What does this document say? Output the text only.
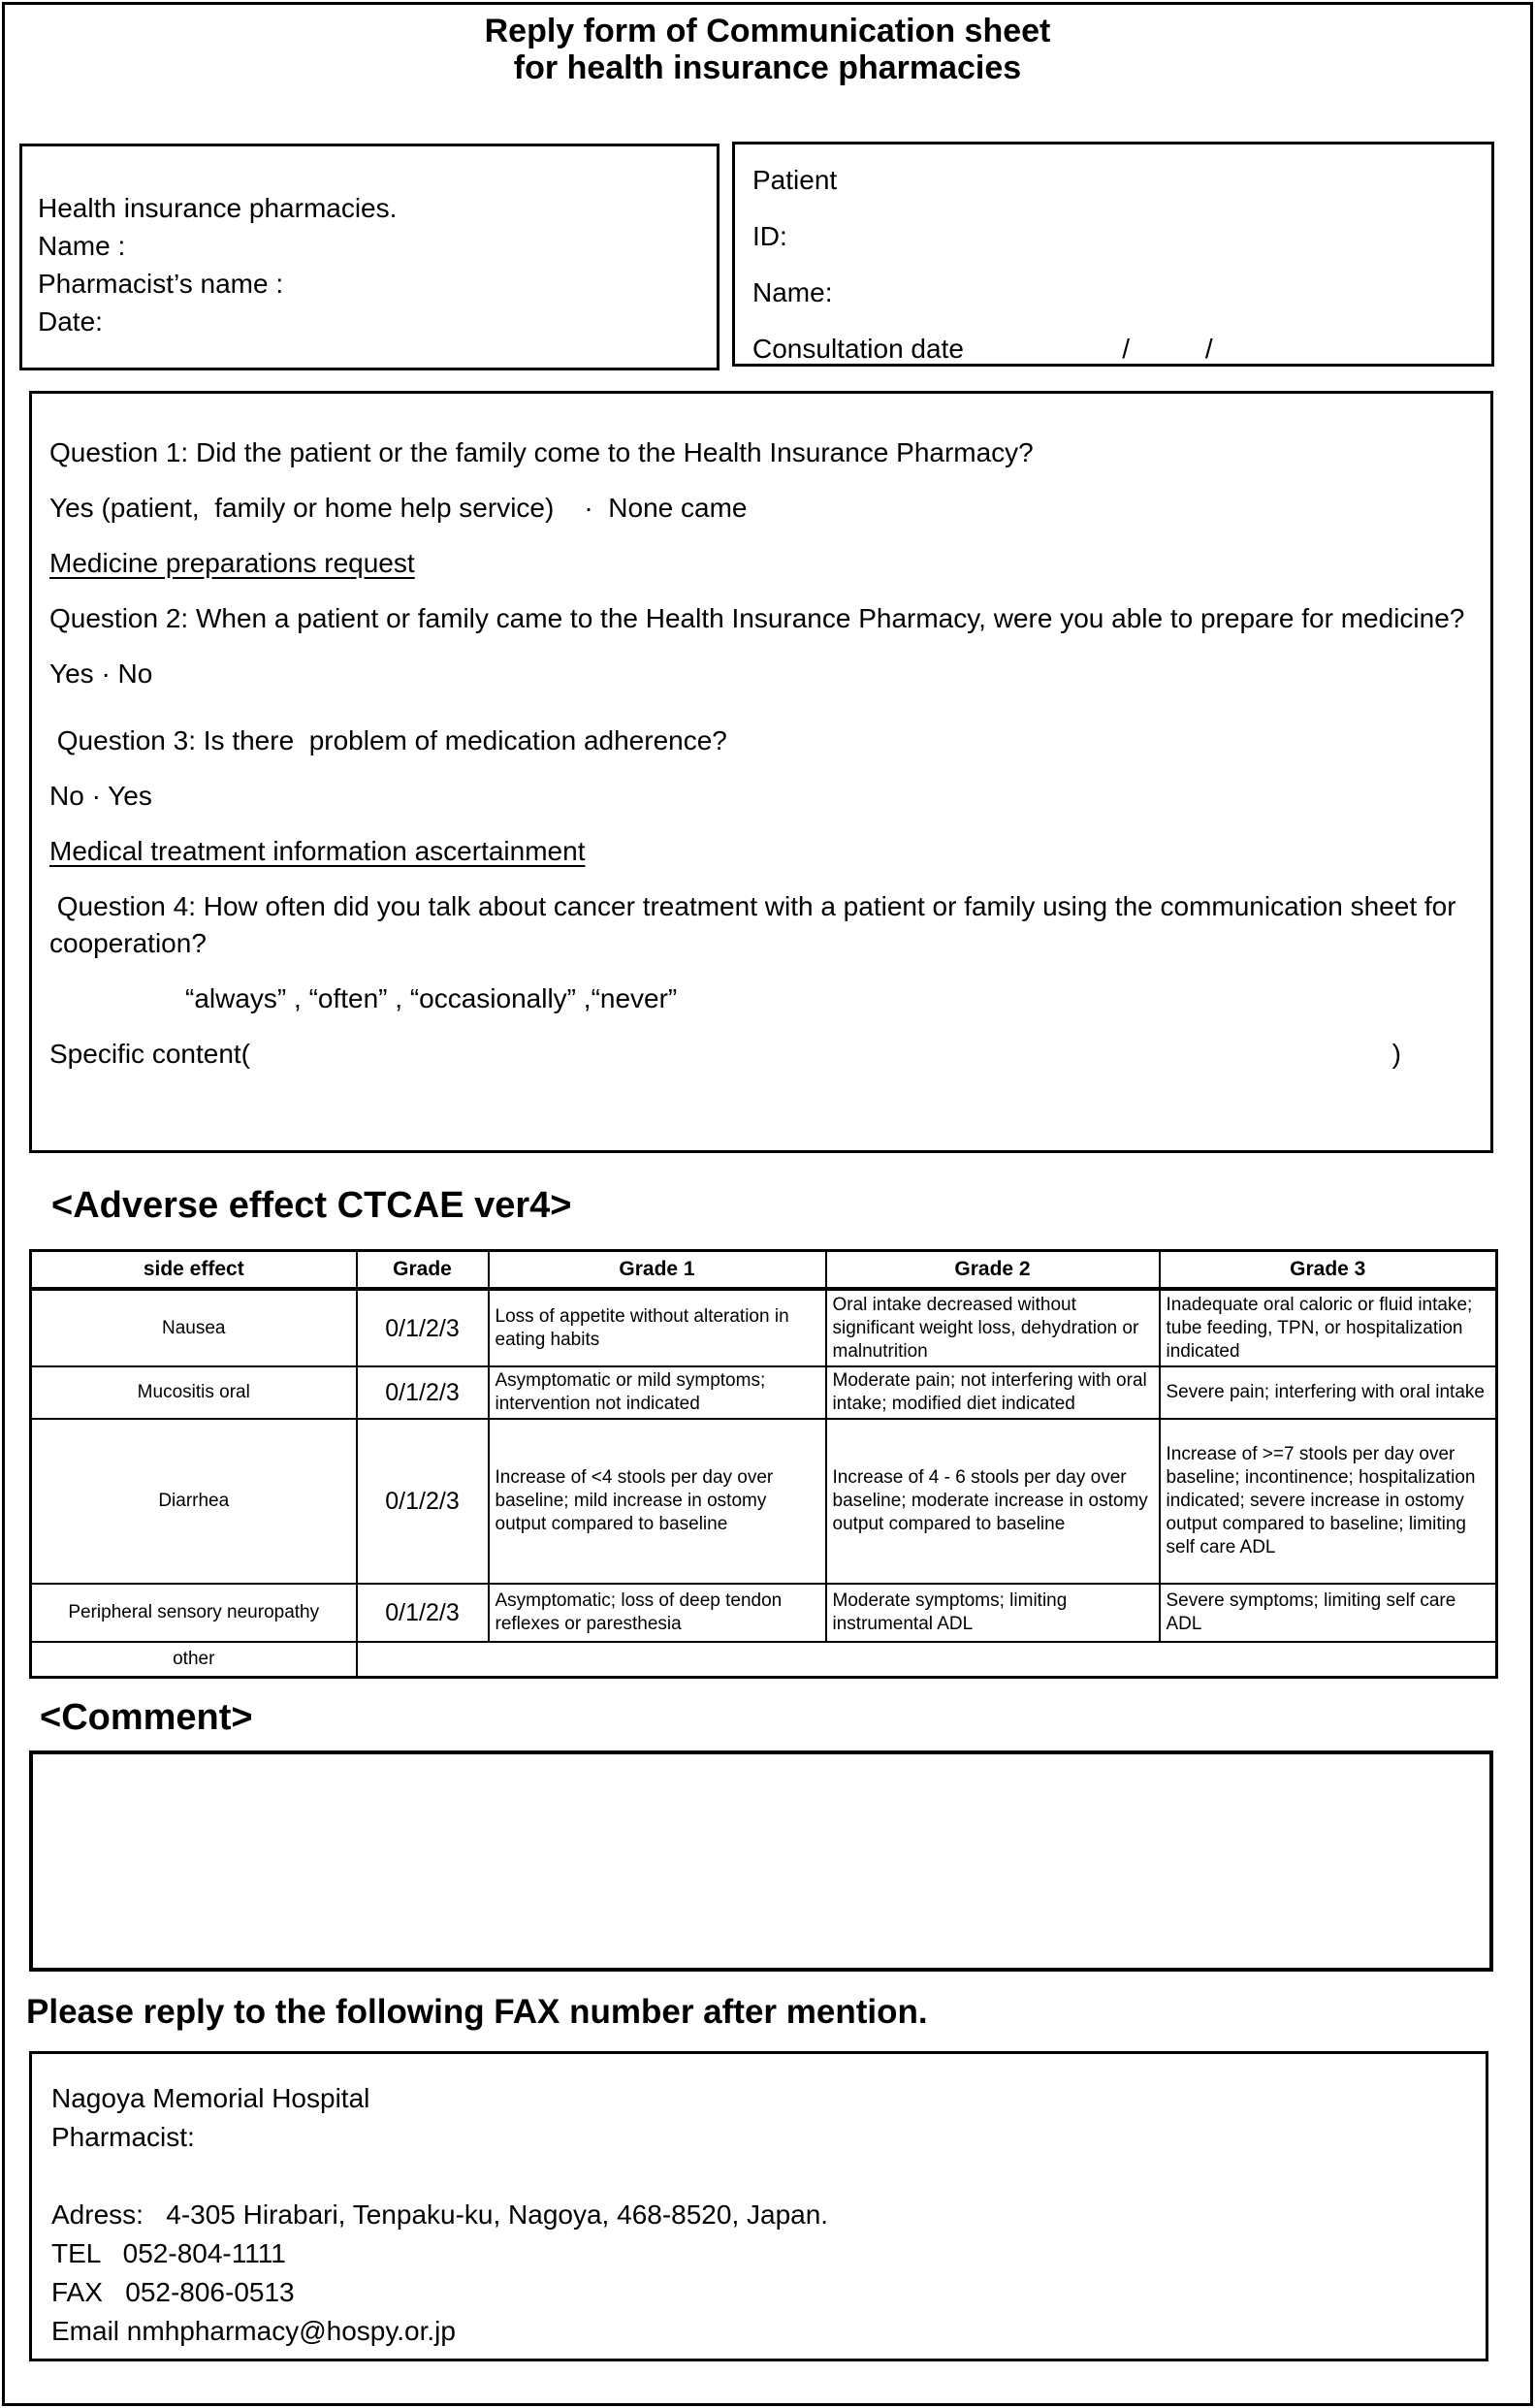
Reply form of Communication sheet
for health insurance pharmacies
Health insurance pharmacies.
Name :
Pharmacist’s name :
Date:
Patient
ID:
Name:
Consultation date                     /          /

Question 1: Did the patient or the family come to the Health Insurance Pharmacy?

Yes (patient,  family or home help service)    ·  None came

Medicine preparations request

Question 2: When a patient or family came to the Health Insurance Pharmacy, were you able to prepare for medicine?

Yes · No

Question 3: Is there  problem of medication adherence?

No · Yes

Medical treatment information ascertainment

Question 4: How often did you talk about cancer treatment with a patient or family using the communication sheet for cooperation?

“always” , “often” , “occasionally” ,“never”

Specific content(	)
<Adverse effect CTCAE ver4>
side effect	Grade	Grade 1	Grade 2	Grade 3
Nausea	0/1/2/3	Loss of appetite without alteration in eating habits	Oral intake decreased without significant weight loss, dehydration or malnutrition	Inadequate oral caloric or fluid intake; tube feeding, TPN, or hospitalization indicated
Mucositis oral	0/1/2/3	Asymptomatic or mild symptoms; intervention not indicated	Moderate pain; not interfering with oral intake; modified diet indicated	Severe pain; interfering with oral intake
Diarrhea	0/1/2/3	Increase of <4 stools per day over baseline; mild increase in ostomy output compared to baseline	Increase of 4 - 6 stools per day over baseline; moderate increase in ostomy output compared to baseline	Increase of >=7 stools per day over baseline; incontinence; hospitalization indicated; severe increase in ostomy output compared to baseline; limiting self care ADL
Peripheral sensory neuropathy	0/1/2/3	Asymptomatic; loss of deep tendon reflexes or paresthesia	Moderate symptoms; limiting instrumental ADL	Severe symptoms; limiting self care ADL
other				
<Comment>
Please reply to the following FAX number after mention.
Nagoya Memorial Hospital
Pharmacist:
Adress:   4-305 Hirabari, Tenpaku-ku, Nagoya, 468-8520, Japan.
TEL   052-804-1111
FAX   052-806-0513
Email nmhpharmacy@hospy.or.jp
